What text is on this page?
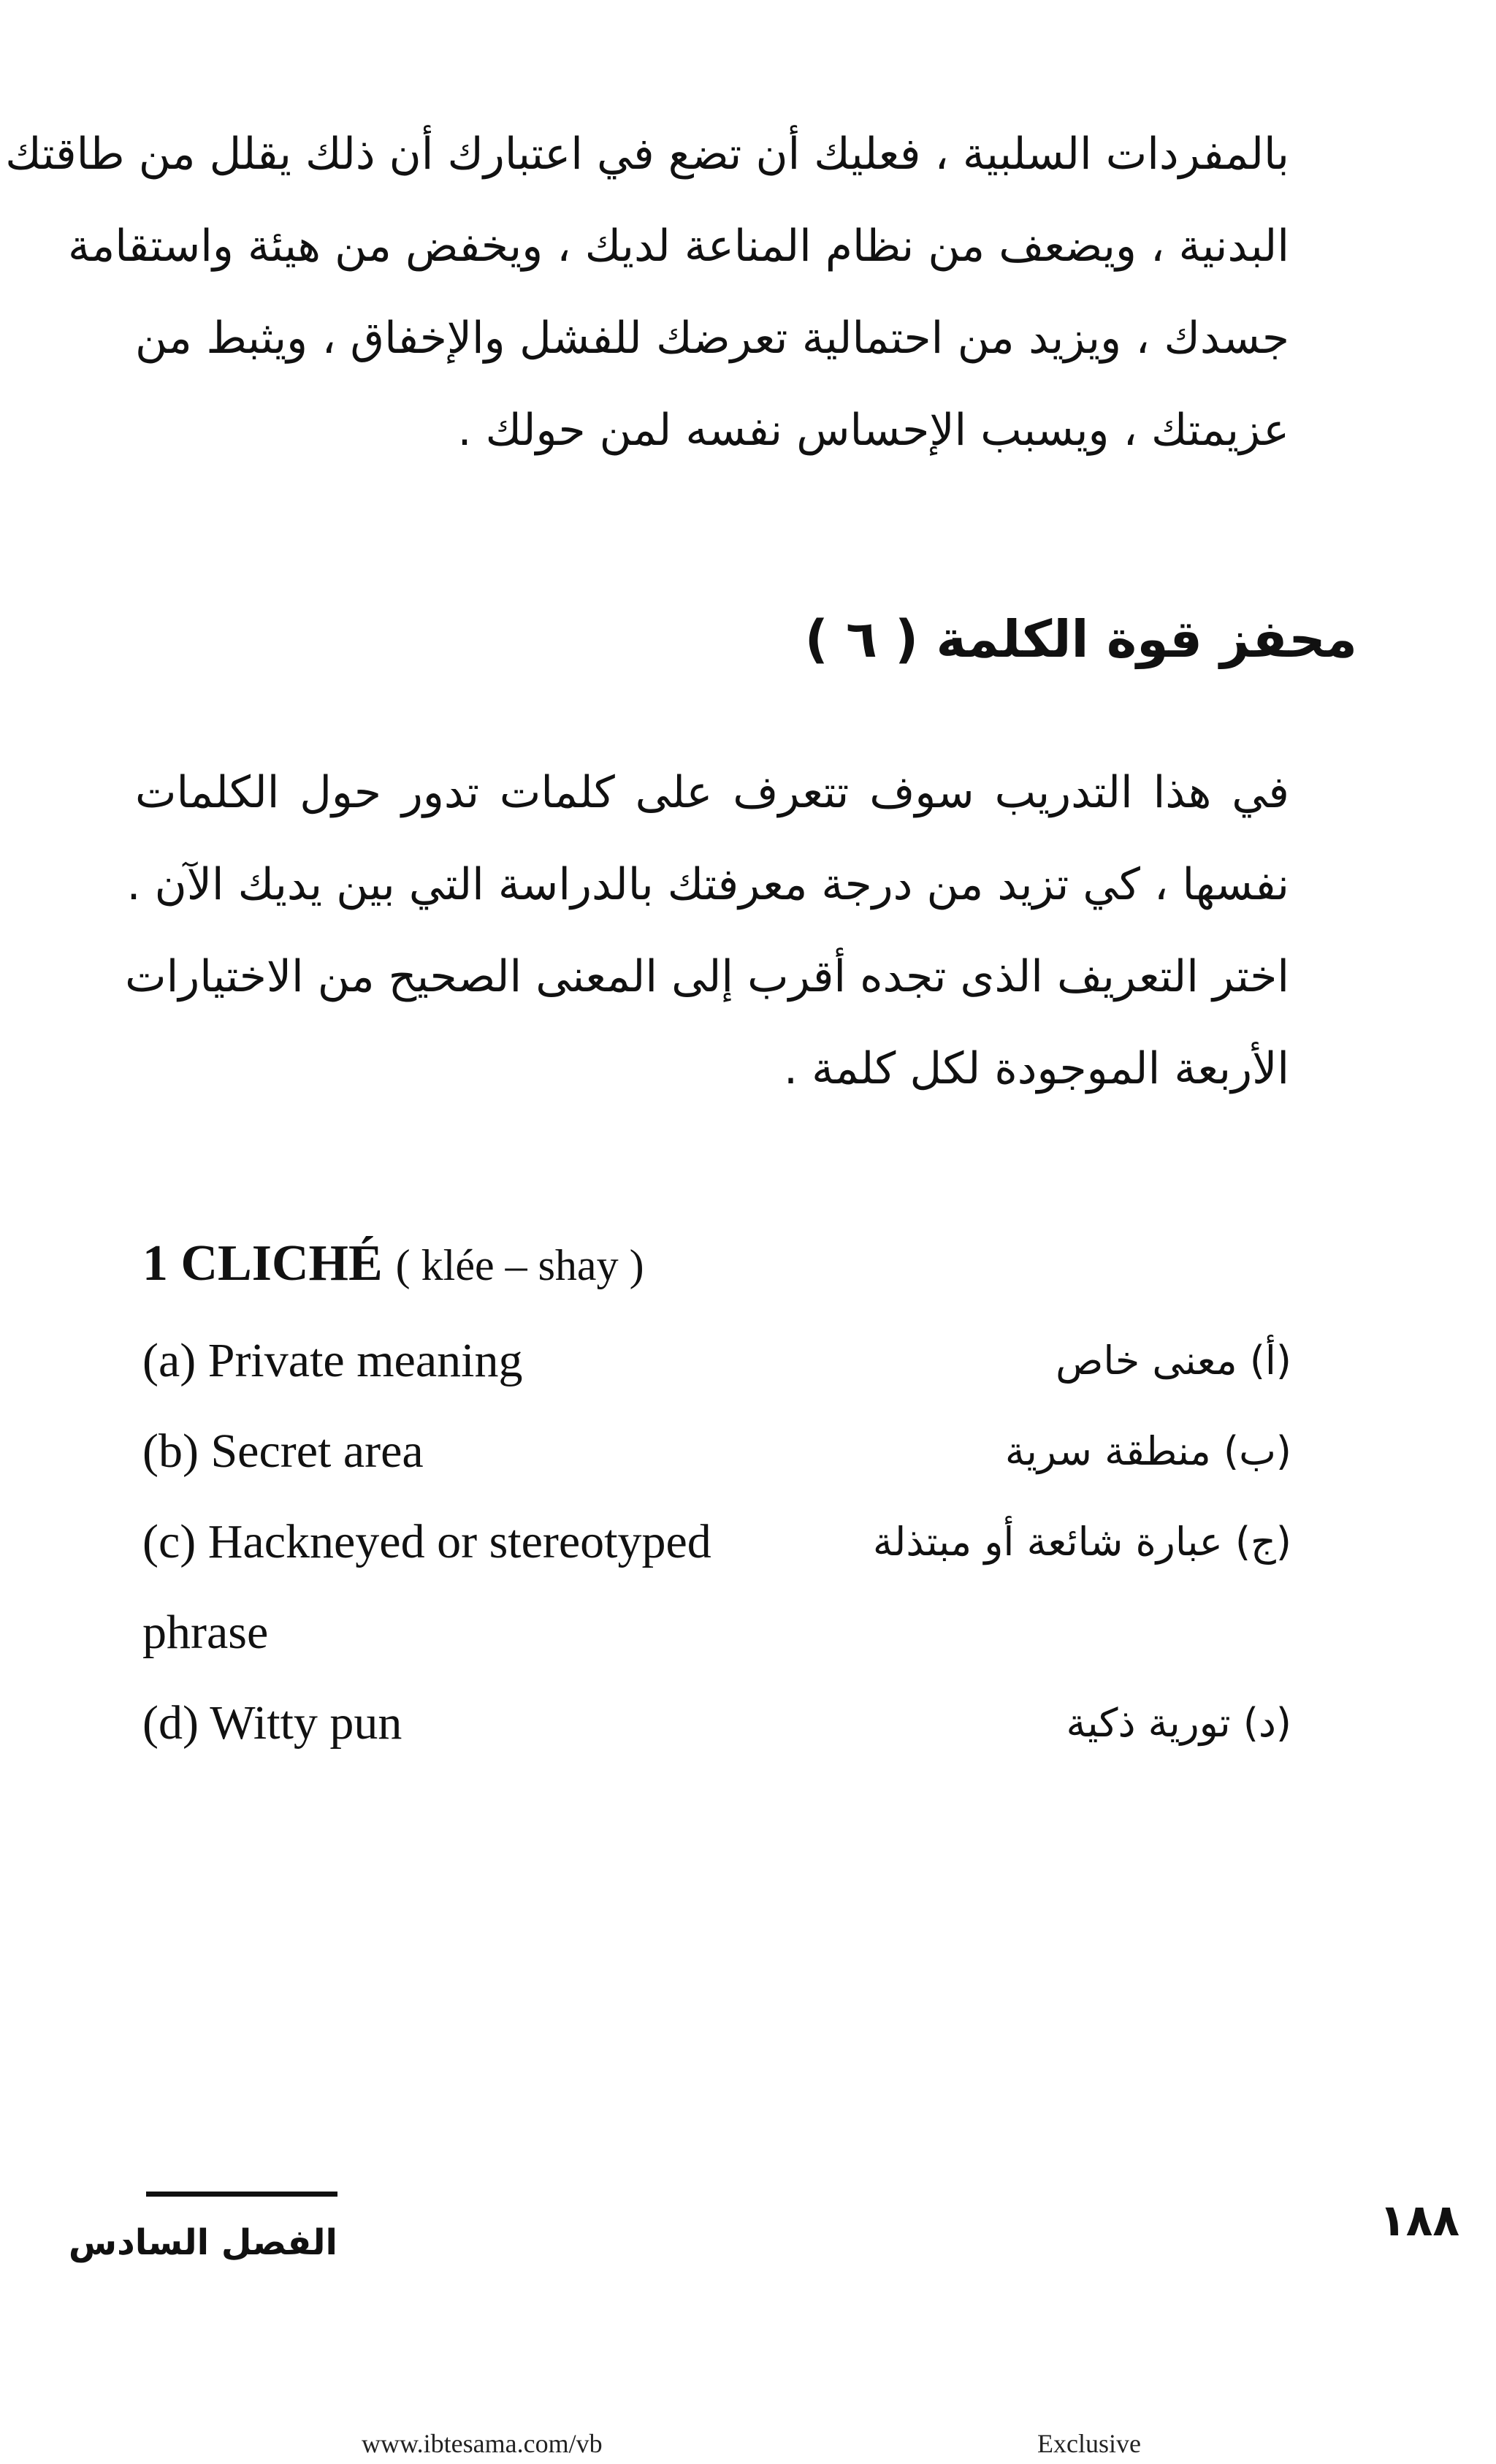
بالمفردات السلبية ، فعليك أن تضع في اعتبارك أن ذلك يقلل من طاقتك
البدنية ، ويضعف من نظام المناعة لديك ، ويخفض من هيئة واستقامة
جسدك ، ويزيد من احتمالية تعرضك للفشل والإخفاق ، ويثبط من
عزيمتك ، ويسبب الإحساس نفسه لمن حولك .
محفز قوة الكلمة ( ٦ )
في هذا التدريب سوف تتعرف على كلمات تدور حول الكلمات
نفسها ، كي تزيد من درجة معرفتك بالدراسة التي بين يديك الآن .
اختر التعريف الذى تجده أقرب إلى المعنى الصحيح من الاختيارات
الأربعة الموجودة لكل كلمة .
1 CLICHÉ ( klée – shay )
(a) Private meaning
(b) Secret area
(c) Hackneyed or stereotyped
phrase
(d) Witty pun
(أ) معنى خاص
(ب) منطقة سرية
(ج) عبارة شائعة أو مبتذلة
(د) تورية ذكية
الفصل السادس	١٨٨
www.ibtesama.com/vb	Exclusive
